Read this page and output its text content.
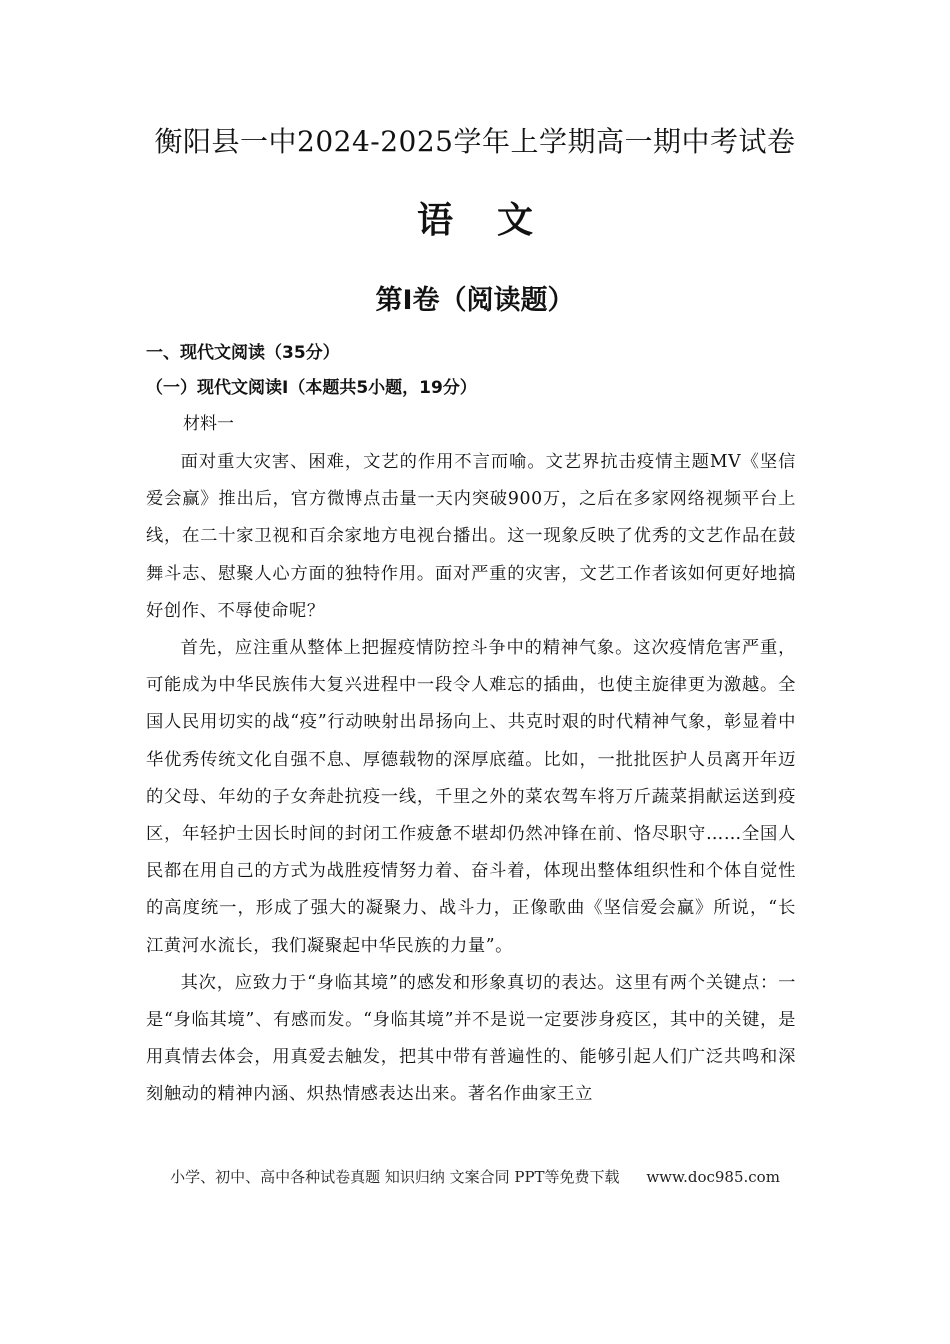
衡阳县一中2024-2025学年上学期高一期中考试卷
语文
第Ⅰ卷（阅读题）
一、现代文阅读（35分）
（一）现代文阅读Ⅰ（本题共5小题，19分）
材料一

面对重大灾害、困难，文艺的作用不言而喻。文艺界抗击疫情主题MV《坚信爱会赢》推出后，官方微博点击量一天内突破900万，之后在多家网络视频平台上线，在二十家卫视和百余家地方电视台播出。这一现象反映了优秀的文艺作品在鼓舞斗志、慰聚人心方面的独特作用。面对严重的灾害，文艺工作者该如何更好地搞好创作、不辱使命呢？

首先，应注重从整体上把握疫情防控斗争中的精神气象。这次疫情危害严重，可能成为中华民族伟大复兴进程中一段令人难忘的插曲，也使主旋律更为激越。全国人民用切实的战“疫”行动映射出昂扬向上、共克时艰的时代精神气象，彰显着中华优秀传统文化自强不息、厚德载物的深厚底蕴。比如，一批批医护人员离开年迈的父母、年幼的子女奔赴抗疫一线，千里之外的菜农驾车将万斤蔬菜捐献运送到疫区，年轻护士因长时间的封闭工作疲惫不堪却仍然冲锋在前、恪尽职守……全国人民都在用自己的方式为战胜疫情努力着、奋斗着，体现出整体组织性和个体自觉性的高度统一，形成了强大的凝聚力、战斗力，正像歌曲《坚信爱会赢》所说，“长江黄河水流长，我们凝聚起中华民族的力量”。

其次，应致力于“身临其境”的感发和形象真切的表达。这里有两个关键点：一是“身临其境”、有感而发。“身临其境”并不是说一定要涉身疫区，其中的关键，是用真情去体会，用真爱去触发，把其中带有普遍性的、能够引起人们广泛共鸣和深刻触动的精神内涵、炽热情感表达出来。著名作曲家王立

小学、初中、高中各种试卷真题 知识归纳 文案合同 PPT等免费下载 www.doc985.com
